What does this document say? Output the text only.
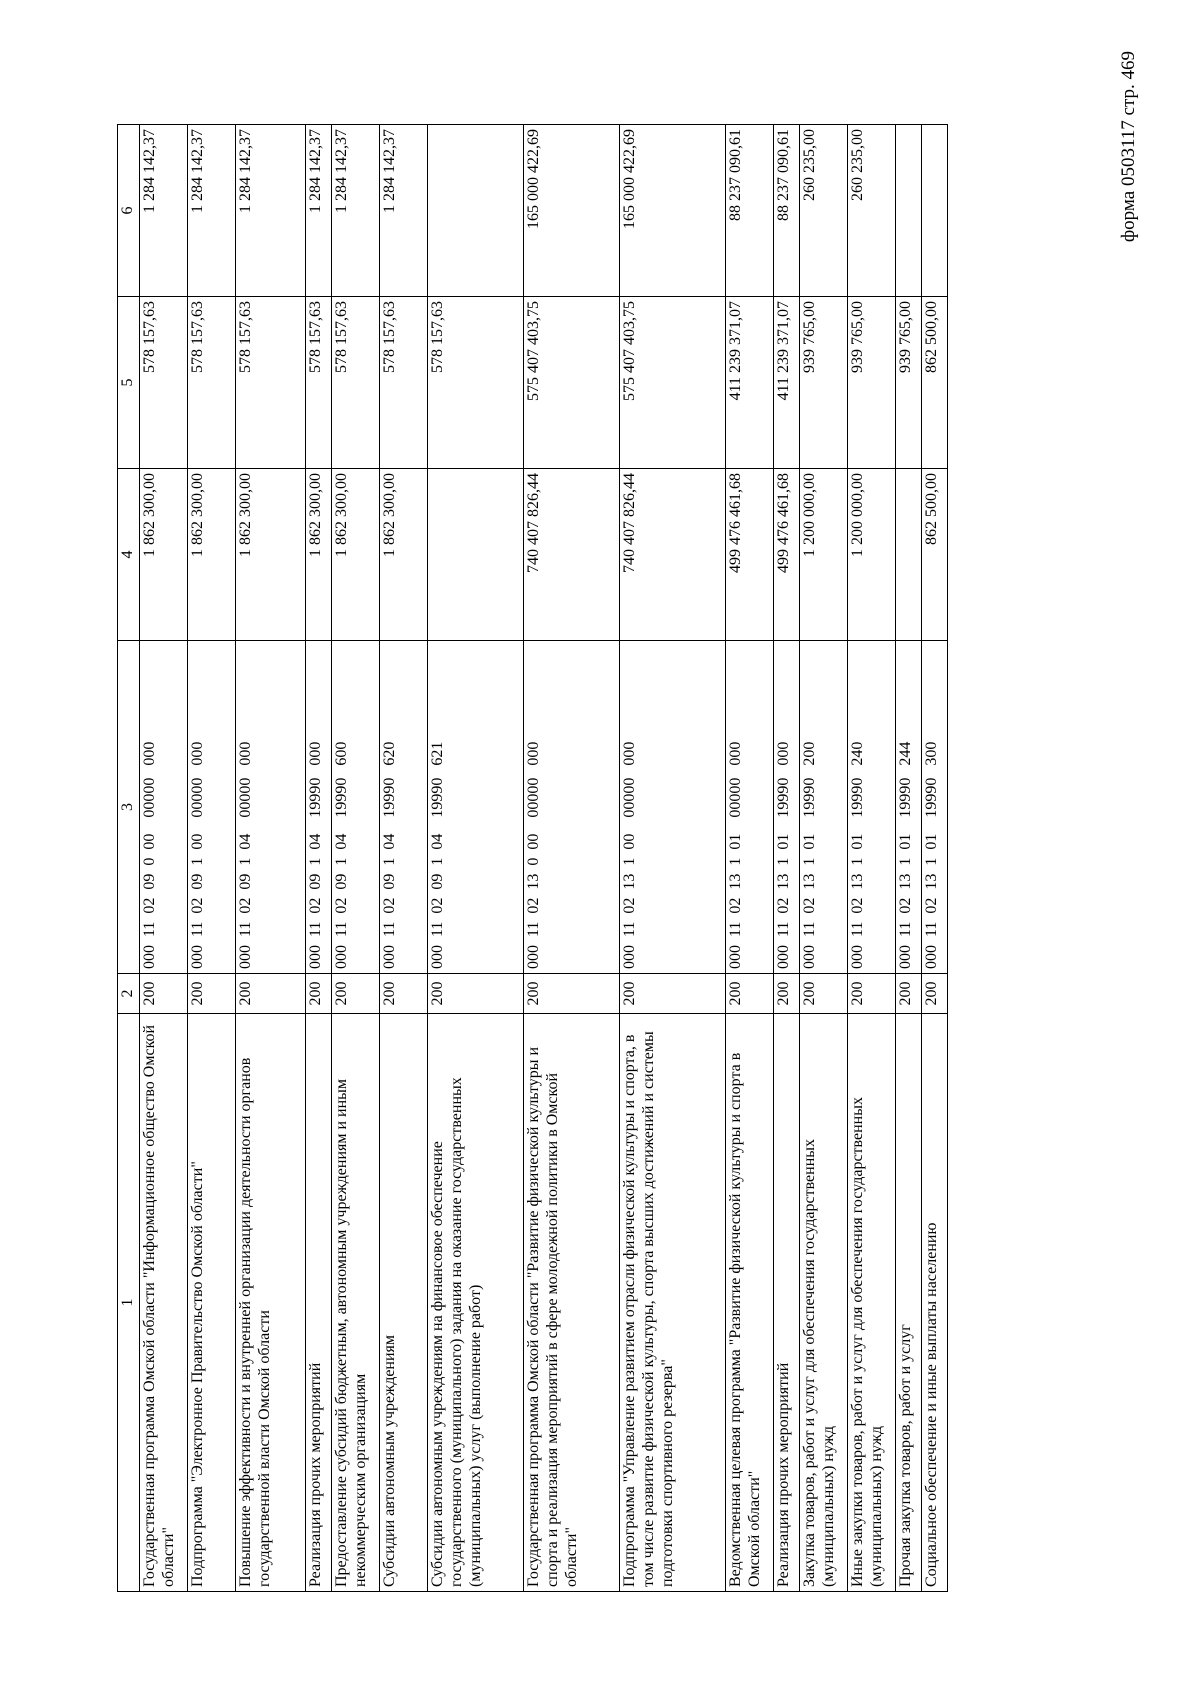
форма 0503117 стр. 469
1	2	3	4	5	6
Государственная программа Омской области "Информационное общество Омской области"	200	000  11  02  09  0  00    00000   000	1 862 300,00	578 157,63	1 284 142,37
Подпрограмма "Электронное Правительство Омской области"	200	000  11  02  09  1  00    00000   000	1 862 300,00	578 157,63	1 284 142,37
Повышение эффективности и внутренней организации деятельности органов государственной власти Омской области	200	000  11  02  09  1  04    00000   000	1 862 300,00	578 157,63	1 284 142,37
Реализация прочих мероприятий	200	000  11  02  09  1  04    19990   000	1 862 300,00	578 157,63	1 284 142,37
Предоставление субсидий бюджетным, автономным учреждениям и иным некоммерческим организациям	200	000  11  02  09  1  04    19990   600	1 862 300,00	578 157,63	1 284 142,37
Субсидии автономным учреждениям	200	000  11  02  09  1  04    19990   620	1 862 300,00	578 157,63	1 284 142,37
Субсидии автономным учреждениям на финансовое обеспечение государственного (муниципального) задания на оказание государственных (муниципальных) услуг (выполнение работ)	200	000  11  02  09  1  04    19990   621		578 157,63	
Государственная программа Омской области "Развитие физической культуры и спорта и реализация мероприятий в сфере молодежной политики в Омской области"	200	000  11  02  13  0  00    00000   000	740 407 826,44	575 407 403,75	165 000 422,69
Подпрограмма "Управление развитием отрасли физической культуры и спорта, в том числе развитие физической культуры, спорта высших достижений и системы подготовки спортивного резерва"	200	000  11  02  13  1  00    00000   000	740 407 826,44	575 407 403,75	165 000 422,69
Ведомственная целевая программа "Развитие физической культуры и спорта в Омской области"	200	000  11  02  13  1  01    00000   000	499 476 461,68	411 239 371,07	88 237 090,61
Реализация прочих мероприятий	200	000  11  02  13  1  01    19990   000	499 476 461,68	411 239 371,07	88 237 090,61
Закупка товаров, работ и услуг для обеспечения государственных (муниципальных) нужд	200	000  11  02  13  1  01    19990   200	1 200 000,00	939 765,00	260 235,00
Иные закупки товаров, работ и услуг для обеспечения государственных (муниципальных) нужд	200	000  11  02  13  1  01    19990   240	1 200 000,00	939 765,00	260 235,00
Прочая закупка товаров, работ и услуг	200	000  11  02  13  1  01    19990   244		939 765,00	
Социальное обеспечение и иные выплаты населению	200	000  11  02  13  1  01    19990   300	862 500,00	862 500,00	
